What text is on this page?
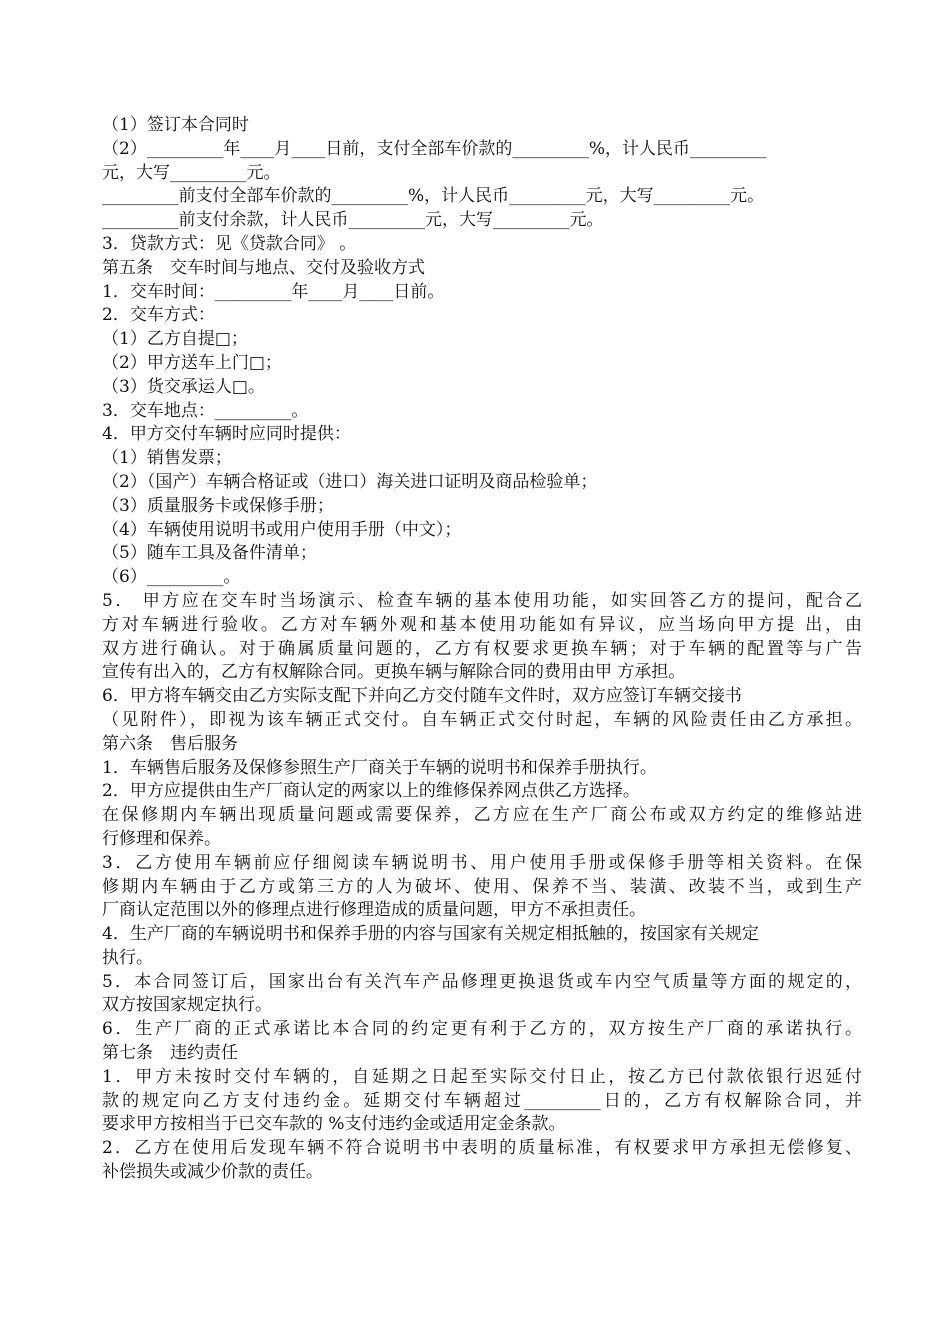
（1）签订本合同时
（2）_________年____月____日前，支付全部车价款的_________%，计人民币_________
元，大写_________元。
_________前支付全部车价款的_________%，计人民币_________元，大写_________元。
_________前支付余款，计人民币_________元，大写_________元。
3．贷款方式：见《贷款合同》 。
第五条　交车时间与地点、交付及验收方式
1．交车时间：_________年____月____日前。
2．交车方式：
（1）乙方自提□；
（2）甲方送车上门□；
（3）货交承运人□。
3．交车地点：_________。
4．甲方交付车辆时应同时提供：
（1）销售发票；
（2）（国产）车辆合格证或（进口）海关进口证明及商品检验单；
（3）质量服务卡或保修手册；
（4）车辆使用说明书或用户使用手册（中文）；
（5）随车工具及备件清单；
（6）_________。
5． 甲方应在交车时当场演示、检查车辆的基本使用功能，如实回答乙方的提问，配合乙
方对车辆进行验收。乙方对车辆外观和基本使用功能如有异议，应当场向甲方提 出，由
双方进行确认。对于确属质量问题的，乙方有权要求更换车辆；对于车辆的配置等与广告
宣传有出入的，乙方有权解除合同。更换车辆与解除合同的费用由甲 方承担。
6．甲方将车辆交由乙方实际支配下并向乙方交付随车文件时，双方应签订车辆交接书
（见附件），即视为该车辆正式交付。自车辆正式交付时起，车辆的风险责任由乙方承担。
第六条　售后服务
1．车辆售后服务及保修参照生产厂商关于车辆的说明书和保养手册执行。
2．甲方应提供由生产厂商认定的两家以上的维修保养网点供乙方选择。
在保修期内车辆出现质量问题或需要保养，乙方应在生产厂商公布或双方约定的维修站进
行修理和保养。
3．乙方使用车辆前应仔细阅读车辆说明书、用户使用手册或保修手册等相关资料。在保
修期内车辆由于乙方或第三方的人为破坏、使用、保养不当、装潢、改装不当，或到生产
厂商认定范围以外的修理点进行修理造成的质量问题，甲方不承担责任。
4．生产厂商的车辆说明书和保养手册的内容与国家有关规定相抵触的，按国家有关规定
执行。
5．本合同签订后，国家出台有关汽车产品修理更换退货或车内空气质量等方面的规定的，
双方按国家规定执行。
6．生产厂商的正式承诺比本合同的约定更有利于乙方的，双方按生产厂商的承诺执行。
第七条　违约责任
1．甲方未按时交付车辆的，自延期之日起至实际交付日止，按乙方已付款依银行迟延付
款的规定向乙方支付违约金。延期交付车辆超过_________日的，乙方有权解除合同，并
要求甲方按相当于已交车款的 %支付违约金或适用定金条款。
2．乙方在使用后发现车辆不符合说明书中表明的质量标准，有权要求甲方承担无偿修复、
补偿损失或减少价款的责任。
